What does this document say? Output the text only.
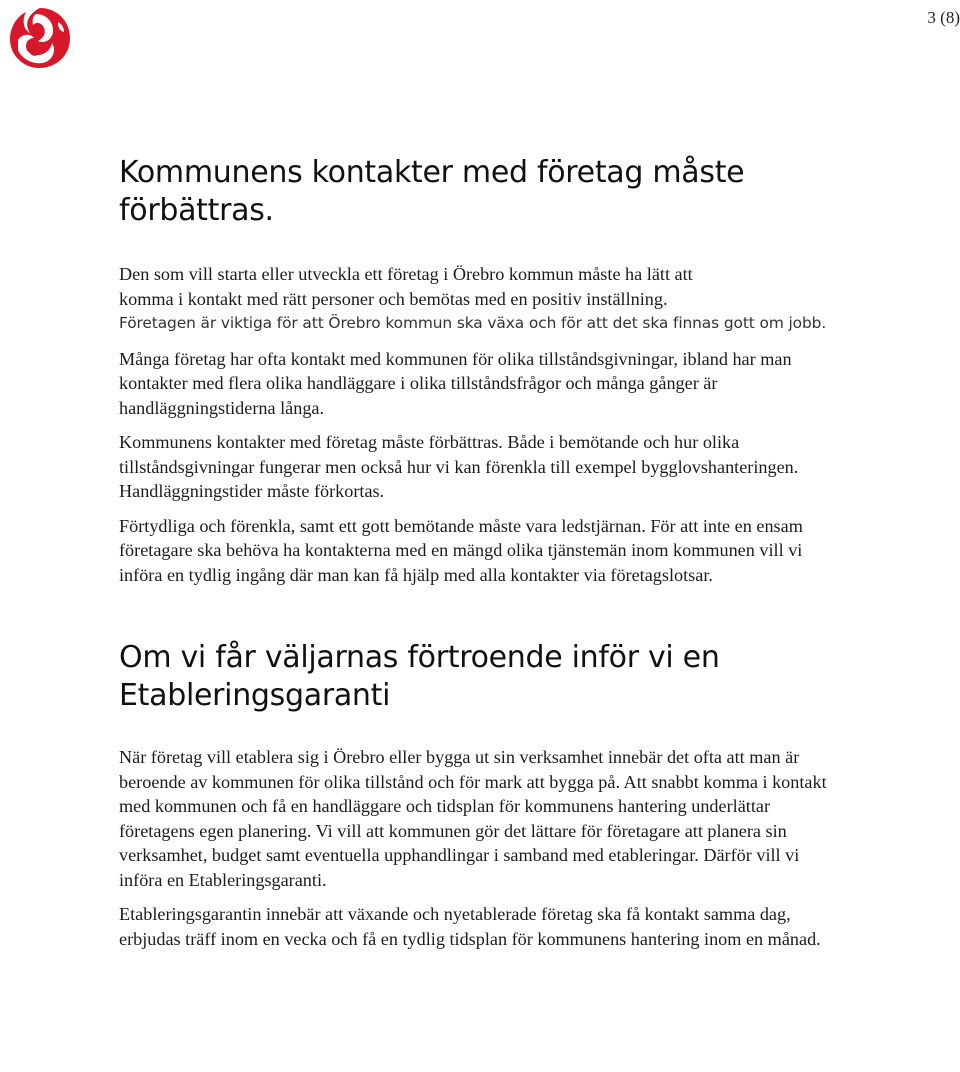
3 (8)
Kommunens kontakter med företag måste förbättras.

Den som vill starta eller utveckla ett företag i Örebro kommun måste ha lätt att
komma i kontakt med rätt personer och bemötas med en positiv inställning.

Företagen är viktiga för att Örebro kommun ska växa och för att det ska finnas gott om jobb.

Många företag har ofta kontakt med kommunen för olika tillståndsgivningar, ibland har man kontakter med flera olika handläggare i olika tillståndsfrågor och många gånger är handläggningstiderna långa.

Kommunens kontakter med företag måste förbättras. Både i bemötande och hur olika tillståndsgivningar fungerar men också hur vi kan förenkla till exempel bygglovshanteringen. Handläggningstider måste förkortas.

Förtydliga och förenkla, samt ett gott bemötande måste vara ledstjärnan. För att inte en ensam företagare ska behöva ha kontakterna med en mängd olika tjänstemän inom kommunen vill vi införa en tydlig ingång där man kan få hjälp med alla kontakter via företagslotsar.

Om vi får väljarnas förtroende inför vi en Etableringsgaranti

När företag vill etablera sig i Örebro eller bygga ut sin verksamhet innebär det ofta att man är beroende av kommunen för olika tillstånd och för mark att bygga på. Att snabbt komma i kontakt med kommunen och få en handläggare och tidsplan för kommunens hantering underlättar företagens egen planering. Vi vill att kommunen gör det lättare för företagare att planera sin verksamhet, budget samt eventuella upphandlingar i samband med etableringar. Därför vill vi införa en Etableringsgaranti.

Etableringsgarantin innebär att växande och nyetablerade företag ska få kontakt samma dag, erbjudas träff inom en vecka och få en tydlig tidsplan för kommunens hantering inom en månad.
